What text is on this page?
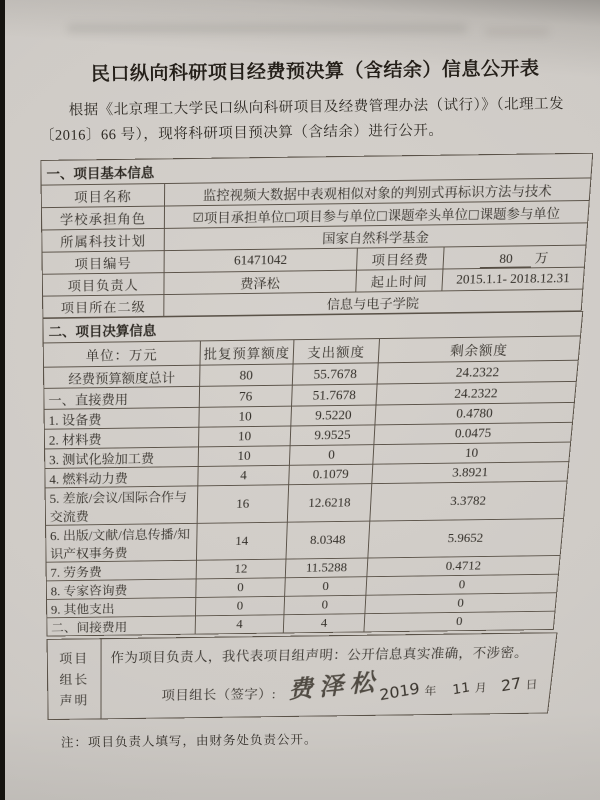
民口纵向科研项目经费预决算（含结余）信息公开表

根据《北京理工大学民口纵向科研项目及经费管理办法（试行）》（北理工发
〔2016〕66 号），现将科研项目预决算（含结余）进行公开。

一、项目基本信息			
项目名称	监控视频大数据中表观相似对象的判别式再标识方法与技术		
学校承担角色	☑项目承担单位□项目参与单位□课题牵头单位□课题参与单位		
所属科技计划	国家自然科学基金		
项目编号	61471042	项目经费	80 万
项目负责人	费泽松	起止时间	2015.1.1- 2018.12.31
项目所在二级	信息与电子学院		
二、项目决算信息			
单位：万元	批复预算额度	支出额度	剩余额度
经费预算额度总计	80	55.7678	24.2322
一、直接费用	76	51.7678	24.2322
1. 设备费	10	9.5220	0.4780
2. 材料费	10	9.9525	0.0475
3. 测试化验加工费	10	0	10
4. 燃料动力费	4	0.1079	3.8921
5. 差旅/会议/国际合作与交流费	16	12.6218	3.3782
6. 出版/文献/信息传播/知识产权事务费	14	8.0348	5.9652
7. 劳务费	12	11.5288	0.4712
8. 专家咨询费	0	0	0
9. 其他支出	0	0	0
二、间接费用	4	4	0
项目
组长
声明

作为项目负责人，我代表项目组声明：公开信息真实准确，不涉密。
项目组长（签字）: 费泽松
2019 年 11 月 27 日
注：项目负责人填写，由财务处负责公开。
